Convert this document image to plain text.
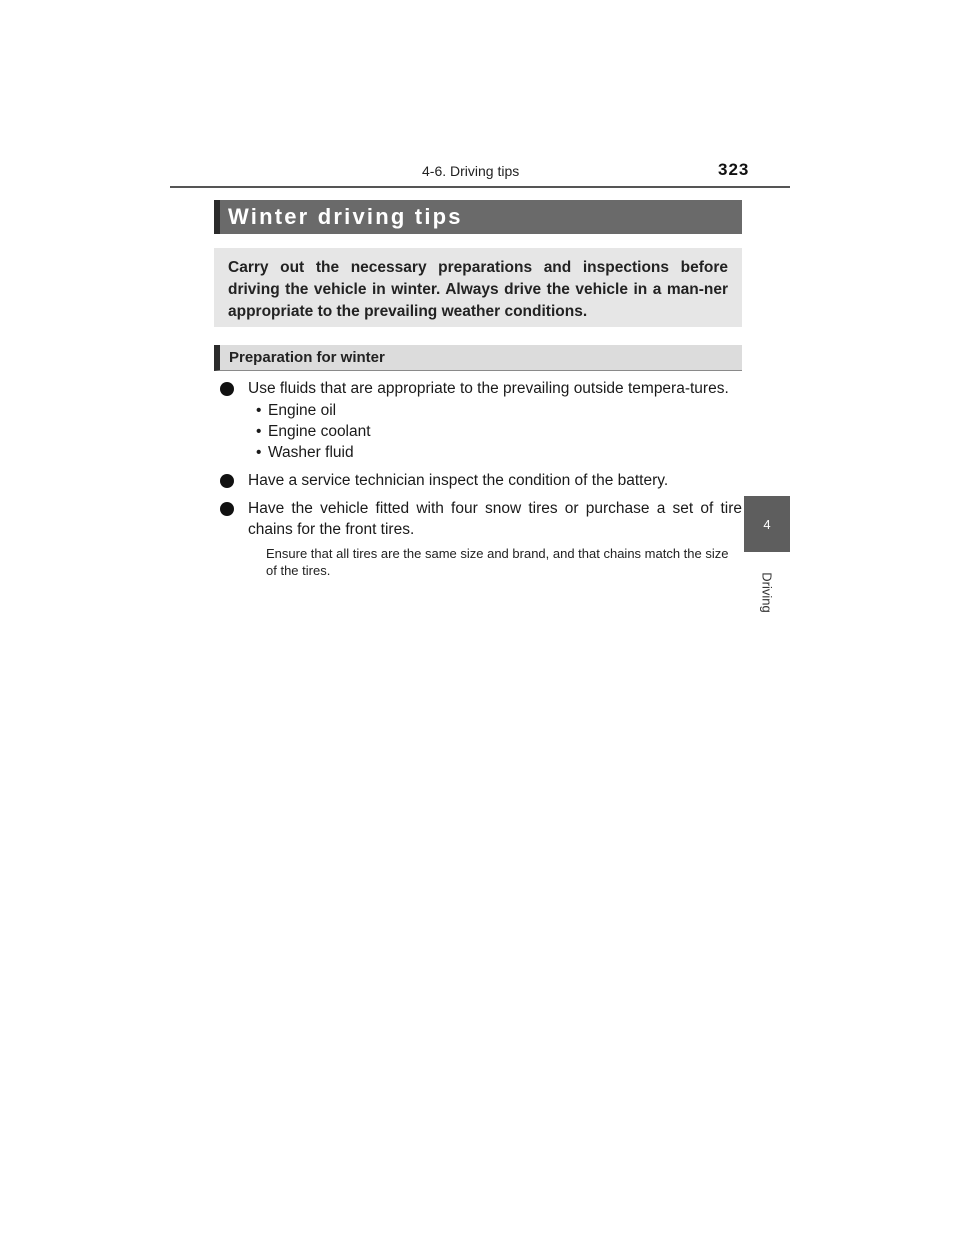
4-6. Driving tips	323
4
Driving
Winter driving tips
Carry out the necessary preparations and inspections before driving the vehicle in winter. Always drive the vehicle in a man-ner appropriate to the prevailing weather conditions.
Preparation for winter
Use fluids that are appropriate to the prevailing outside tempera-tures.
• Engine oil
• Engine coolant
• Washer fluid
Have a service technician inspect the condition of the battery.
Have the vehicle fitted with four snow tires or purchase a set of tire chains for the front tires.
Ensure that all tires are the same size and brand, and that chains match the size of the tires.
